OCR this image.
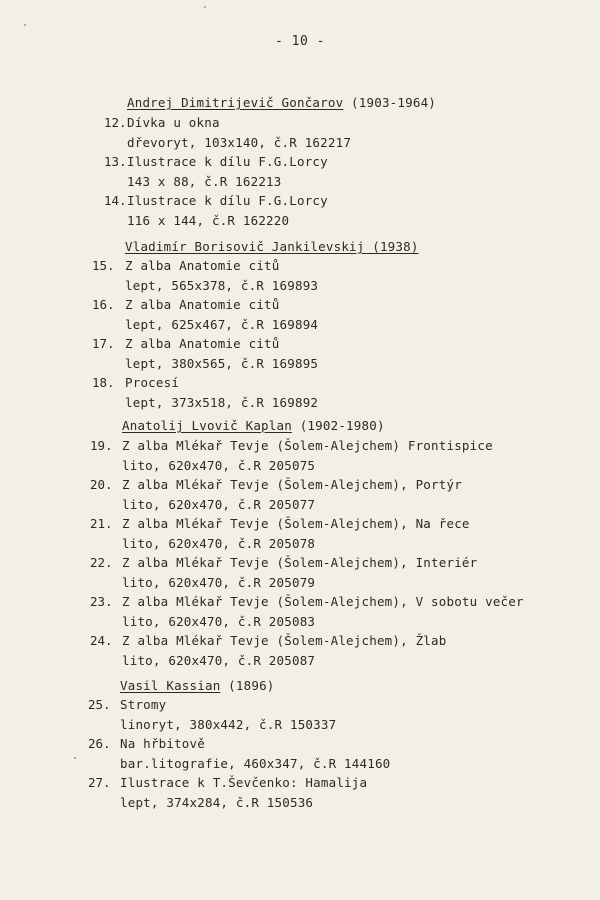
- 10 -
Andrej Dimitrijevič Gončarov (1903-1964)
12. Dívka u okna
dřevoryt, 103x140, č.R 162217
13. Ilustrace k dílu F.G.Lorcy
143 x 88, č.R 162213
14. Ilustrace k dílu F.G.Lorcy
116 x 144, č.R 162220
Vladimír Borisovič Jankilevskij (1938)
15. Z alba Anatomie citů
lept, 565x378, č.R 169893
16. Z alba Anatomie citů
lept, 625x467, č.R 169894
17. Z alba Anatomie citů
lept, 380x565, č.R 169895
18. Procesí
lept, 373x518, č.R 169892
Anatolij Lvovič Kaplan (1902-1980)
19. Z alba Mlékař Tevje (Šolem-Alejchem) Frontispice
lito, 620x470, č.R 205075
20. Z alba Mlékař Tevje (Šolem-Alejchem), Portýr
lito, 620x470, č.R 205077
21. Z alba Mlékař Tevje (Šolem-Alejchem), Na řece
lito, 620x470, č.R 205078
22. Z alba Mlékař Tevje (Šolem-Alejchem), Interiér
lito, 620x470, č.R 205079
23. Z alba Mlékař Tevje (Šolem-Alejchem), V sobotu večer
lito, 620x470, č.R 205083
24. Z alba Mlékař Tevje (Šolem-Alejchem), Žlab
lito, 620x470, č.R 205087
Vasil Kassian (1896)
25. Stromy
linoryt, 380x442, č.R 150337
26. Na hřbitově
bar.litografie, 460x347, č.R 144160
27. Ilustrace k T.Ševčenko: Hamalija
lept, 374x284, č.R 150536
